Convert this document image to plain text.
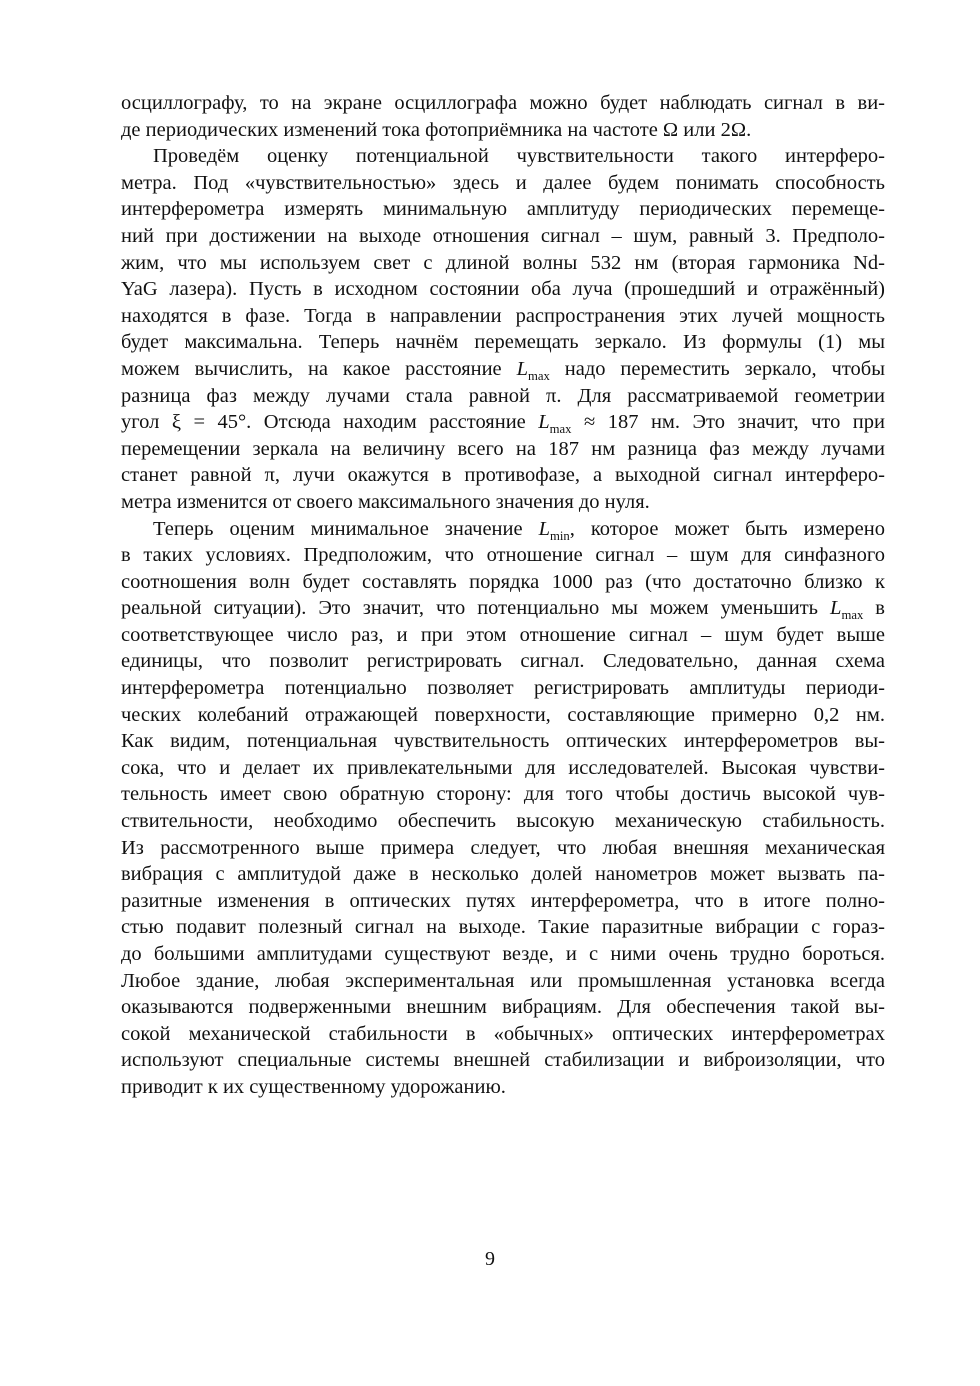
осциллографу, то на экране осциллографа можно будет наблюдать сигнал в ви-
де периодических изменений тока фотоприёмника на частоте Ω или 2Ω.
Проведём оценку потенциальной чувствительности такого интерферо-
метра. Под «чувствительностью» здесь и далее будем понимать способность
интерферометра измерять минимальную амплитуду периодических перемеще-
ний при достижении на выходе отношения сигнал – шум, равный 3. Предполо-
жим, что мы используем свет с длиной волны 532 нм (вторая гармоника Nd-
YaG лазера). Пусть в исходном состоянии оба луча (прошедший и отражённый)
находятся в фазе. Тогда в направлении распространения этих лучей мощность
будет максимальна. Теперь начнём перемещать зеркало. Из формулы (1) мы
можем вычислить, на какое расстояние $L_{max}$ надо переместить зеркало, чтобы
разница фаз между лучами стала равной π. Для рассматриваемой геометрии
угол ξ = 45°. Отсюда находим расстояние $L_{max} \approx 187$ нм. Это значит, что при
перемещении зеркала на величину всего на 187 нм разница фаз между лучами
станет равной π, лучи окажутся в противофазе, а выходной сигнал интерферо-
метра изменится от своего максимального значения до нуля.
Теперь оценим минимальное значение $L_{min}$, которое может быть измерено
в таких условиях. Предположим, что отношение сигнал – шум для синфазного
соотношения волн будет составлять порядка 1000 раз (что достаточно близко к
реальной ситуации). Это значит, что потенциально мы можем уменьшить $L_{max}$ в
соответствующее число раз, и при этом отношение сигнал – шум будет выше
единицы, что позволит регистрировать сигнал. Следовательно, данная схема
интерферометра потенциально позволяет регистрировать амплитуды периоди-
ческих колебаний отражающей поверхности, составляющие примерно 0,2 нм.
Как видим, потенциальная чувствительность оптических интерферометров вы-
сока, что и делает их привлекательными для исследователей. Высокая чувстви-
тельность имеет свою обратную сторону: для того чтобы достичь высокой чув-
ствительности, необходимо обеспечить высокую механическую стабильность.
Из рассмотренного выше примера следует, что любая внешняя механическая
вибрация с амплитудой даже в несколько долей нанометров может вызвать па-
разитные изменения в оптических путях интерферометра, что в итоге полно-
стью подавит полезный сигнал на выходе. Такие паразитные вибрации с гораз-
до большими амплитудами существуют везде, и с ними очень трудно бороться.
Любое здание, любая экспериментальная или промышленная установка всегда
оказываются подверженными внешним вибрациям. Для обеспечения такой вы-
сокой механической стабильности в «обычных» оптических интерферометрах
используют специальные системы внешней стабилизации и виброизоляции, что
приводит к их существенному удорожанию.
9
